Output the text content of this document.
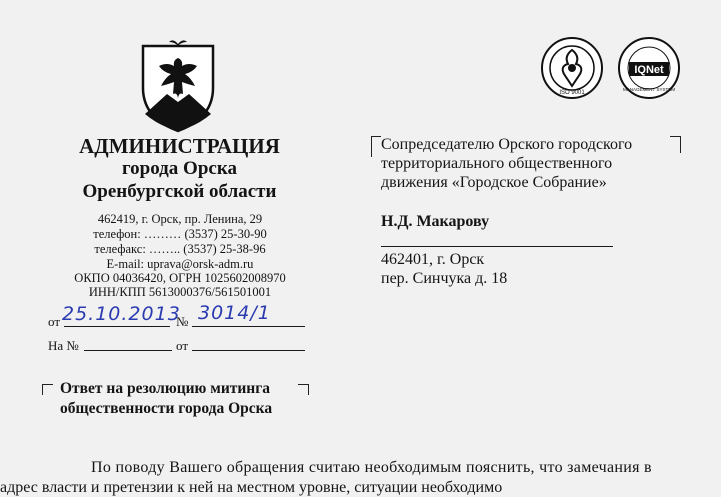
АДМИНИСТРАЦИЯ
города Орска
Оренбургской области
462419, г. Орск, пр. Ленина, 29
телефон: ……… (3537) 25-30-90
телефакс: …….. (3537) 25-38-96
E-mail: uprava@orsk-adm.ru
ОКПО 04036420, ОГРН 1025602008970
ИНН/КПП 5613000376/561501001
от 25.10.2013
№ 3014/1
На №	от
Ответ на резолюцию митинга
общественности города Орска
Сопредседателю Орского городского
территориального общественного
движения «Городское Собрание»
Н.Д. Макарову
462401, г. Орск
пер. Синчука д. 18
ISO 9001
IQNet
MANAGEMENT SYSTEM
По поводу Вашего обращения считаю необходимым пояснить, что замечания в
адрес власти и претензии к ней на местном уровне, ситуации необходимо
